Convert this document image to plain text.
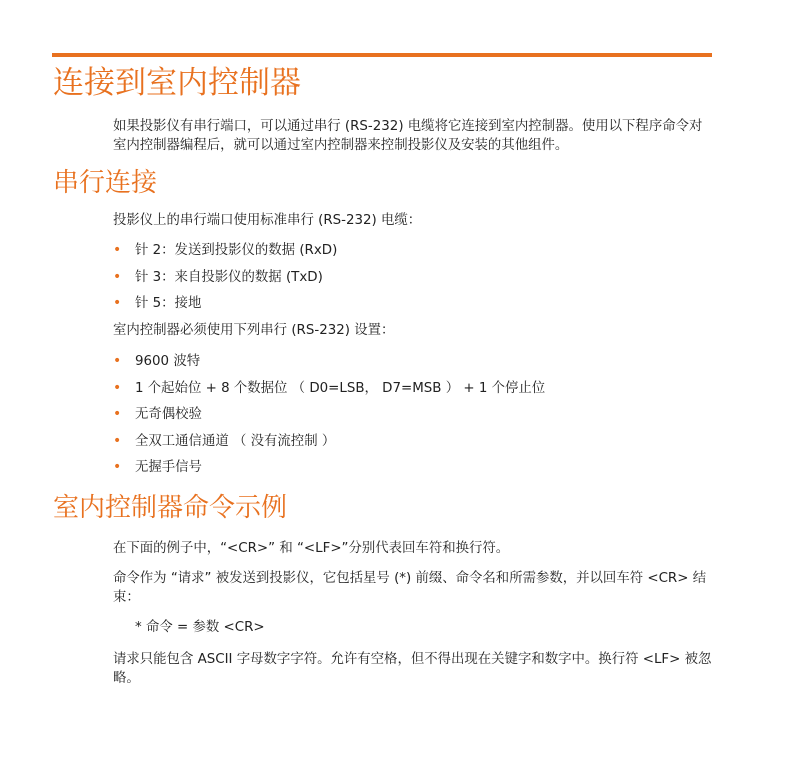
连接到室内控制器

如果投影仪有串行端口，可以通过串行 (RS-232) 电缆将它连接到室内控制器。使用以下程序命令对室内控制器编程后，就可以通过室内控制器来控制投影仪及安装的其他组件。

串行连接

投影仪上的串行端口使用标准串行 (RS-232) 电缆：

• 针 2：发送到投影仪的数据 (RxD)
• 针 3：来自投影仪的数据 (TxD)
• 针 5：接地

室内控制器必须使用下列串行 (RS-232) 设置：

• 9600 波特
• 1 个起始位 + 8 个数据位 （ D0=LSB， D7=MSB ） + 1 个停止位
• 无奇偶校验
• 全双工通信通道 （ 没有流控制 ）
• 无握手信号
室内控制器命令示例

在下面的例子中，“<CR>” 和 “<LF>”分别代表回车符和换行符。

命令作为 “请求” 被发送到投影仪，它包括星号 (*) 前缀、命令名和所需参数，并以回车符 <CR> 结束：

* 命令 = 参数 <CR>

请求只能包含 ASCII 字母数字字符。允许有空格，但不得出现在关键字和数字中。换行符 <LF> 被忽略。
